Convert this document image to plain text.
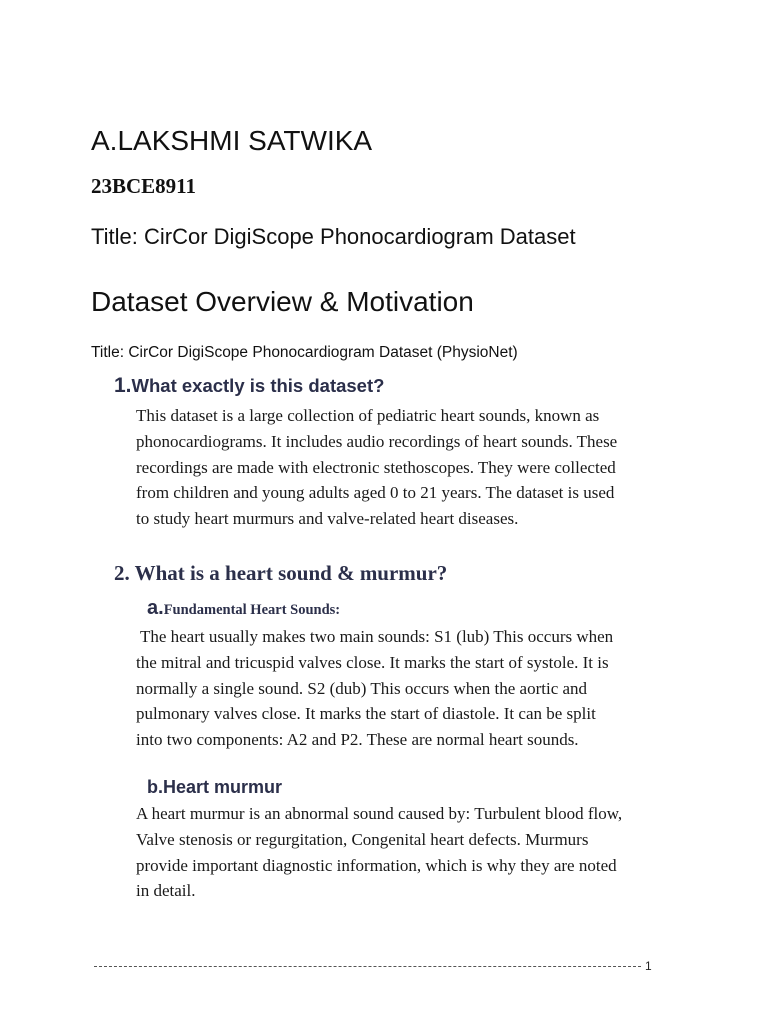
A.LAKSHMI SATWIKA
23BCE8911
Title: CirCor DigiScope Phonocardiogram Dataset
Dataset Overview & Motivation
Title: CirCor DigiScope Phonocardiogram Dataset (PhysioNet)
1.What exactly is this dataset?
This dataset is a large collection of pediatric heart sounds, known as
phonocardiograms. It includes audio recordings of heart sounds. These
recordings are made with electronic stethoscopes. They were collected
from children and young adults aged 0 to 21 years. The dataset is used
to study heart murmurs and valve-related heart diseases.
2. What is a heart sound & murmur?
a.Fundamental Heart Sounds:
The heart usually makes two main sounds: S1 (lub) This occurs when
the mitral and tricuspid valves close. It marks the start of systole. It is
normally a single sound. S2 (dub) This occurs when the aortic and
pulmonary valves close. It marks the start of diastole. It can be split
into two components: A2 and P2. These are normal heart sounds.
b.Heart murmur
A heart murmur is an abnormal sound caused by: Turbulent blood flow,
Valve stenosis or regurgitation, Congenital heart defects. Murmurs
provide important diagnostic information, which is why they are noted
in detail.
1
